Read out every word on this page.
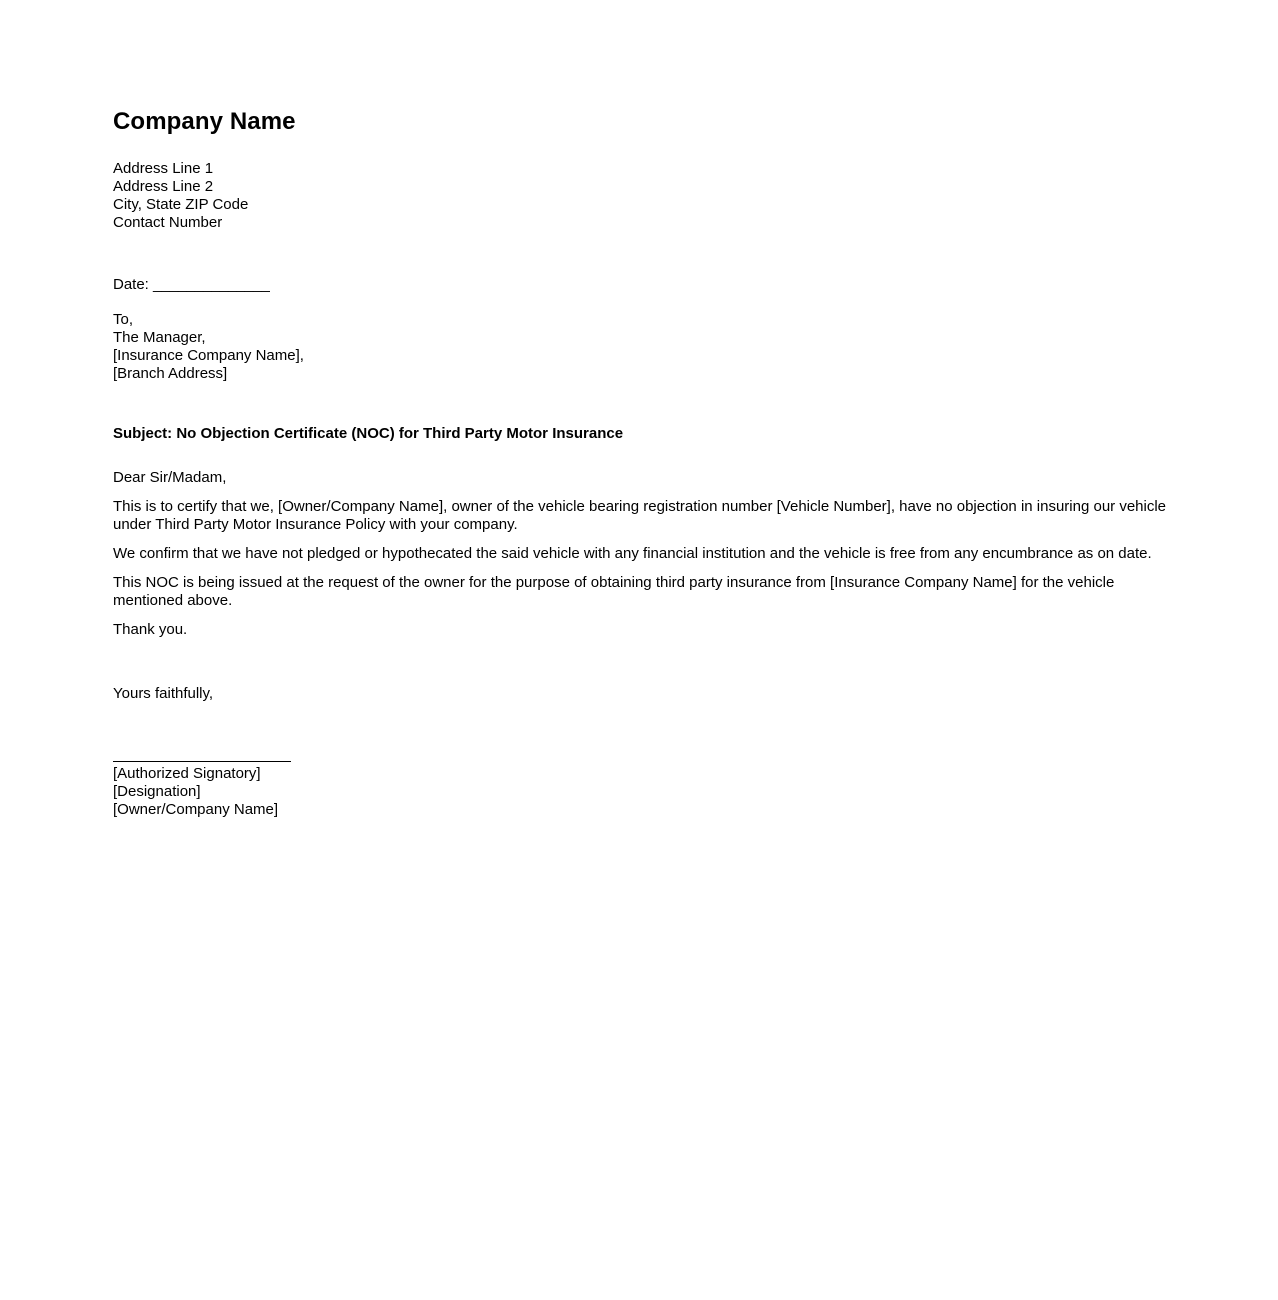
Company Name

Address Line 1

Address Line 2

City, State ZIP Code

Contact Number

Date: ______________

To,

The Manager,

[Insurance Company Name],

[Branch Address]

Subject: No Objection Certificate (NOC) for Third Party Motor Insurance

Dear Sir/Madam,

This is to certify that we, [Owner/Company Name], owner of the vehicle bearing registration number [Vehicle Number], have no objection in insuring our vehicle under Third Party Motor Insurance Policy with your company.

We confirm that we have not pledged or hypothecated the said vehicle with any financial institution and the vehicle is free from any encumbrance as on date.

This NOC is being issued at the request of the owner for the purpose of obtaining third party insurance from [Insurance Company Name] for the vehicle mentioned above.

Thank you.

Yours faithfully,

[Authorized Signatory]

[Designation]

[Owner/Company Name]
